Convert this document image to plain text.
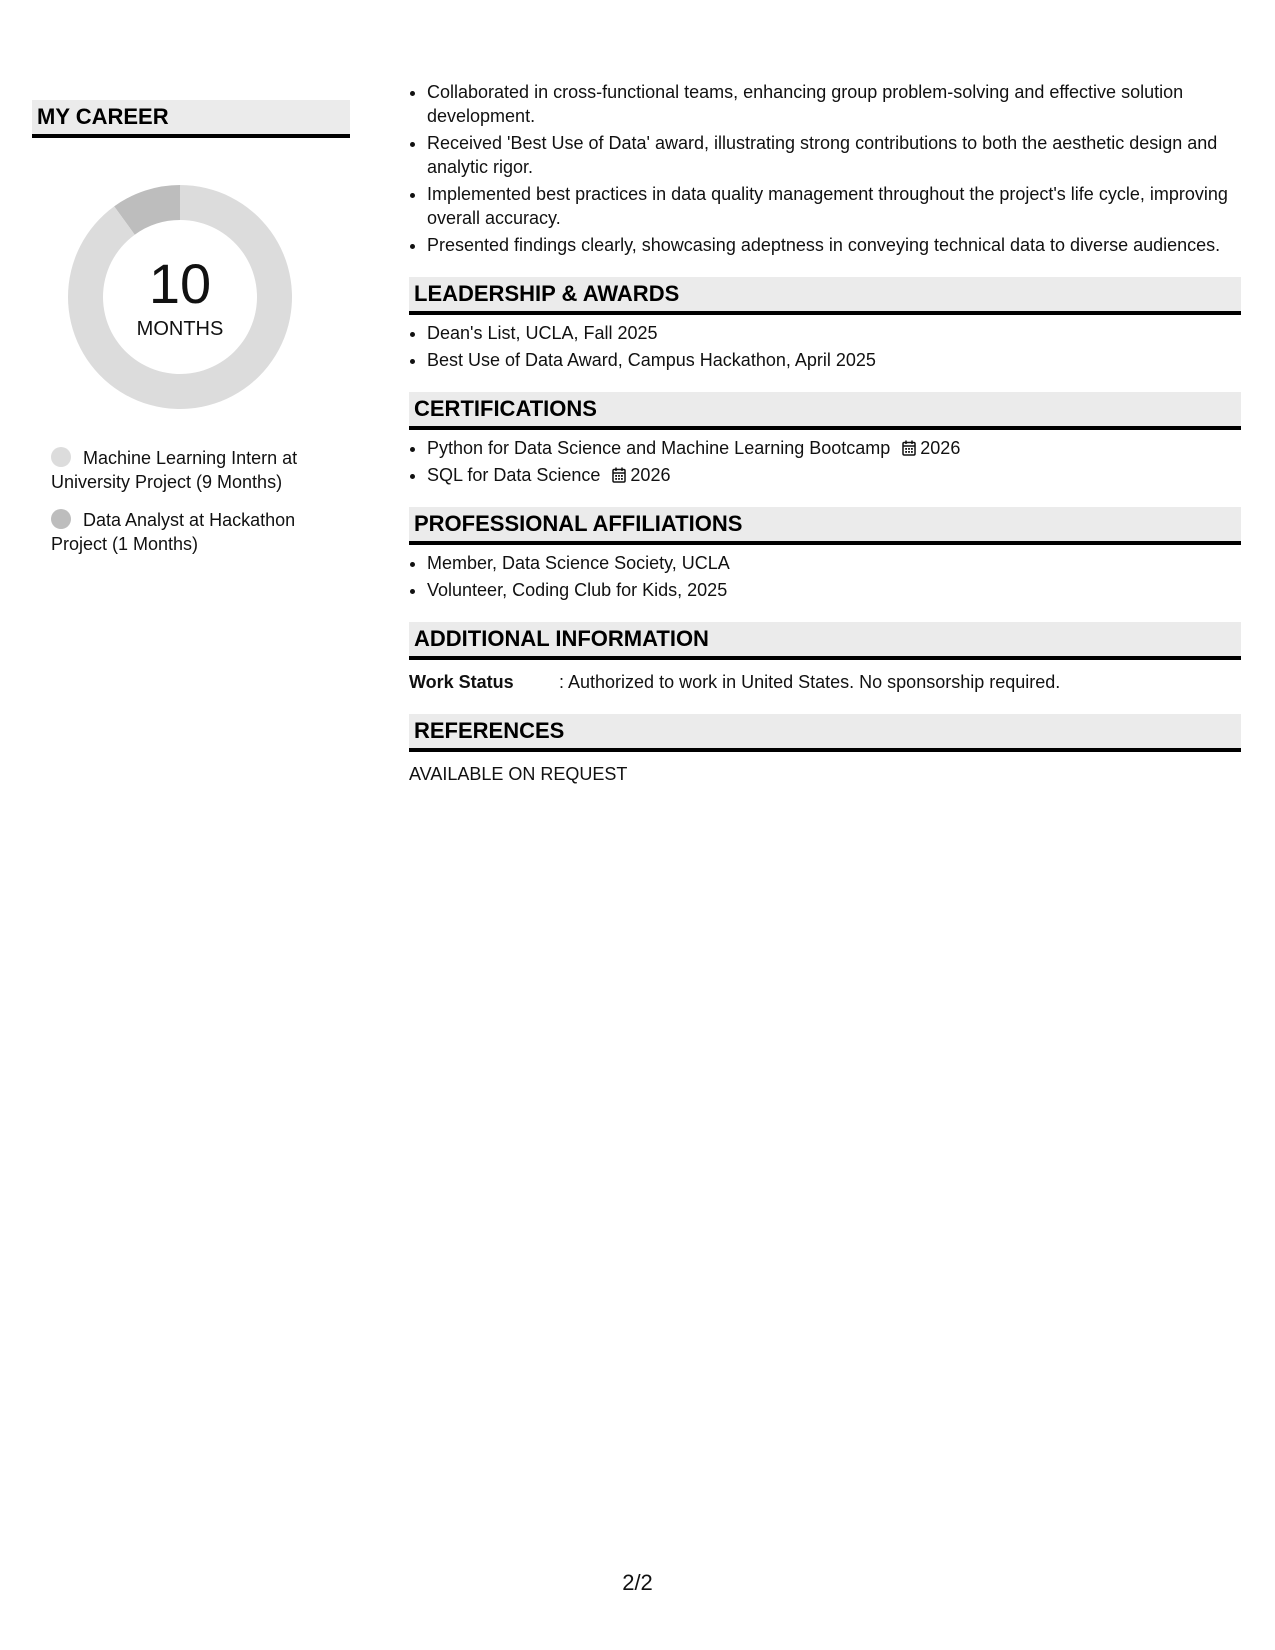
MY CAREER
10
MONTHS
Machine Learning Intern at University Project (9 Months)
Data Analyst at Hackathon Project (1 Months)
• Collaborated in cross-functional teams, enhancing group problem-solving and effective solution development.
• Received 'Best Use of Data' award, illustrating strong contributions to both the aesthetic design and analytic rigor.
• Implemented best practices in data quality management throughout the project's life cycle, improving overall accuracy.
• Presented findings clearly, showcasing adeptness in conveying technical data to diverse audiences.
LEADERSHIP & AWARDS
• Dean's List, UCLA, Fall 2025
• Best Use of Data Award, Campus Hackathon, April 2025
CERTIFICATIONS
• Python for Data Science and Machine Learning Bootcamp 2026
• SQL for Data Science 2026
PROFESSIONAL AFFILIATIONS
• Member, Data Science Society, UCLA
• Volunteer, Coding Club for Kids, 2025
ADDITIONAL INFORMATION
Work Status	: Authorized to work in United States. No sponsorship required.
REFERENCES
AVAILABLE ON REQUEST
2/2
